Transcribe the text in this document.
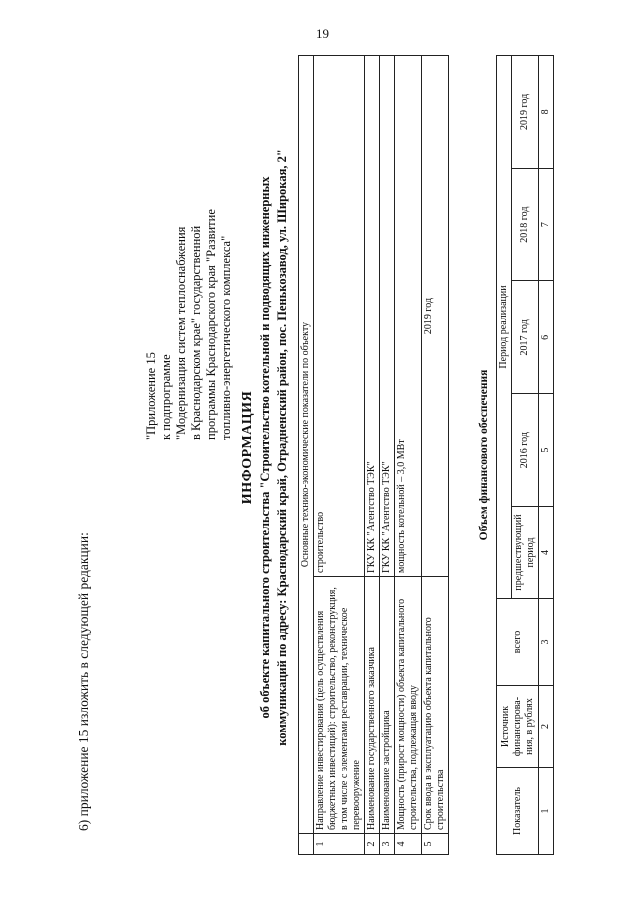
19
6) приложение 15 изложить в следующей редакции:
"Приложение 15 к подпрограмме "Модернизация систем теплоснабжения в Краснодарском крае" государственной программы Краснодарского края "Развитие топливно-энергетического комплекса"
ИНФОРМАЦИЯ об объекте капитального строительства "Строительство котельной и подводящих инженерных коммуникаций по адресу: Краснодарский край, Отрадненский район, пос. Пенькозавод, ул. Широкая, 2"
	Основные технико-экономические показатели по объекту	
1	Направление инвестирования (цель осуществления бюджетных инвестиций): строительство, реконструкция, в том числе с элементами реставрации, техническое перевооружение	строительство
2	Наименование государственного заказчика	ГКУ КК "Агентство ТЭК"
3	Наименование застройщика	ГКУ КК "Агентство ТЭК"
4	Мощность (прирост мощности) объекта капитального строительства, подлежащая вводу	мощность котельной – 3,0 МВт
5	Срок ввода в эксплуатацию объекта капитального строительства	2019 год
Объем финансового обеспечения
Показатель	Источник финансирова-ния, в рублях	всего	Период реализации				
			предшествующий период	2016 год	2017 год	2018 год	2019 год
1	2	3	4	5	6	7	8
